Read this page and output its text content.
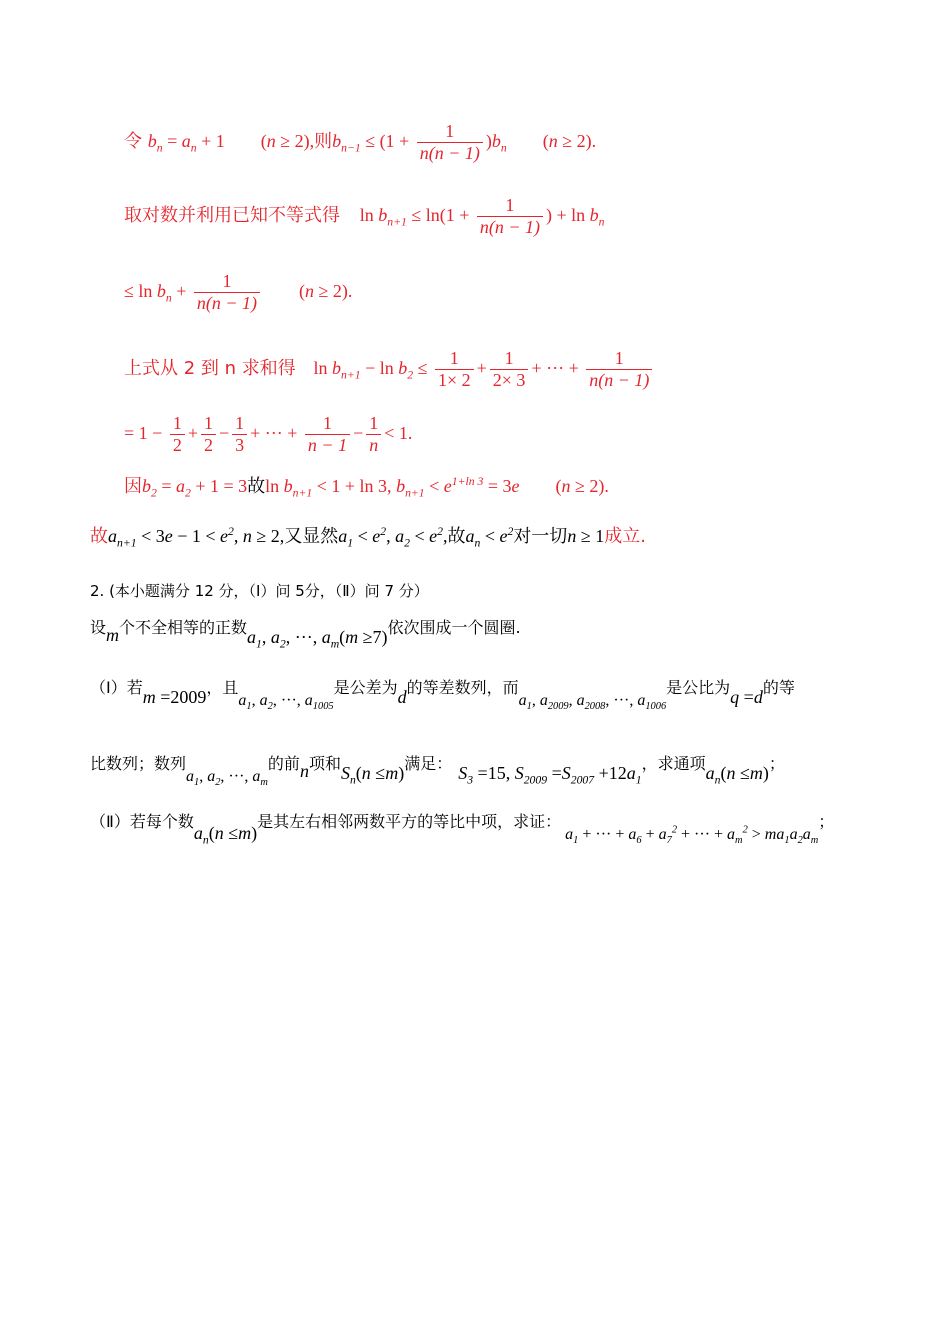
令 $b_n = a_n + 1$        (n ≥ 2),则$b_{n-1} \le (1 + \frac{1}{n(n - 1)} )b_n$        (n ≥ 2).
取对数并利用已知不等式得 $\ln b_{n+1} \le \ln(1 + \frac{1}{n(n - 1)}$ ) + $\ln b_n$
≤ $\ln b_n + \frac{1}{n(n - 1)} (n \ge 2)$.
上式从 2 到 n 求和得 $\ln b_{n+1} - \ln b_2 \le \frac{1}{1\times 2} + \frac{1}{2\times 3}$ + ··· + $\frac{1}{n(n - 1)}$
= $1 - \frac{1}{2} + \frac{1}{2} - \frac{1}{3}$ + ··· + $\frac{1}{n - 1} - \frac{1}{n} < 1$.
因$b_2 = a_2 + 1 = 3$故$\ln b_{n+1} < 1 + \ln 3$, $b_{n+1} < e^{1+ln 3} = 3e$        (n ≥ 2).
故$a_{n+1} < 3e - 1 < e^2$, n ≥ 2,又显然$a_1 < e^2$, $a_2 < e^2$,故$a_n < e^2$对一切n ≥ 1成立.
2. (本小题满分 12 分，（Ⅰ）问 5分，（Ⅱ）问 7 分）
设m个不全相等的正数$a_1$, $a_2$, ···, $a_m(m \ge 7)$依次围成一个圆圈.
（Ⅰ）若m =2009，且$a_1$, $a_2$, ···, $a_{1005}$是公差为d的等差数列，而$a_1$, $a_{2009}$, $a_{2008}$, ···, $a_{1006}$是公比为q =d的等
比数列；数列$a_1$, $a_2$, ···, $a_m$的前n项和$S_n(n \le m)$满足： $S_3 =15$, $S_{2009} =S_{2007} +12a_1$，求通项$a_n(n \le m)$；
（Ⅱ）若每个数$a_n(n \le m)$是其左右相邻两数平方的等比中项，求证：$a_1$ + ··· + $a_6 + a_7^2$ + ··· + $a_m^2 > ma_1a_2a_m$；
